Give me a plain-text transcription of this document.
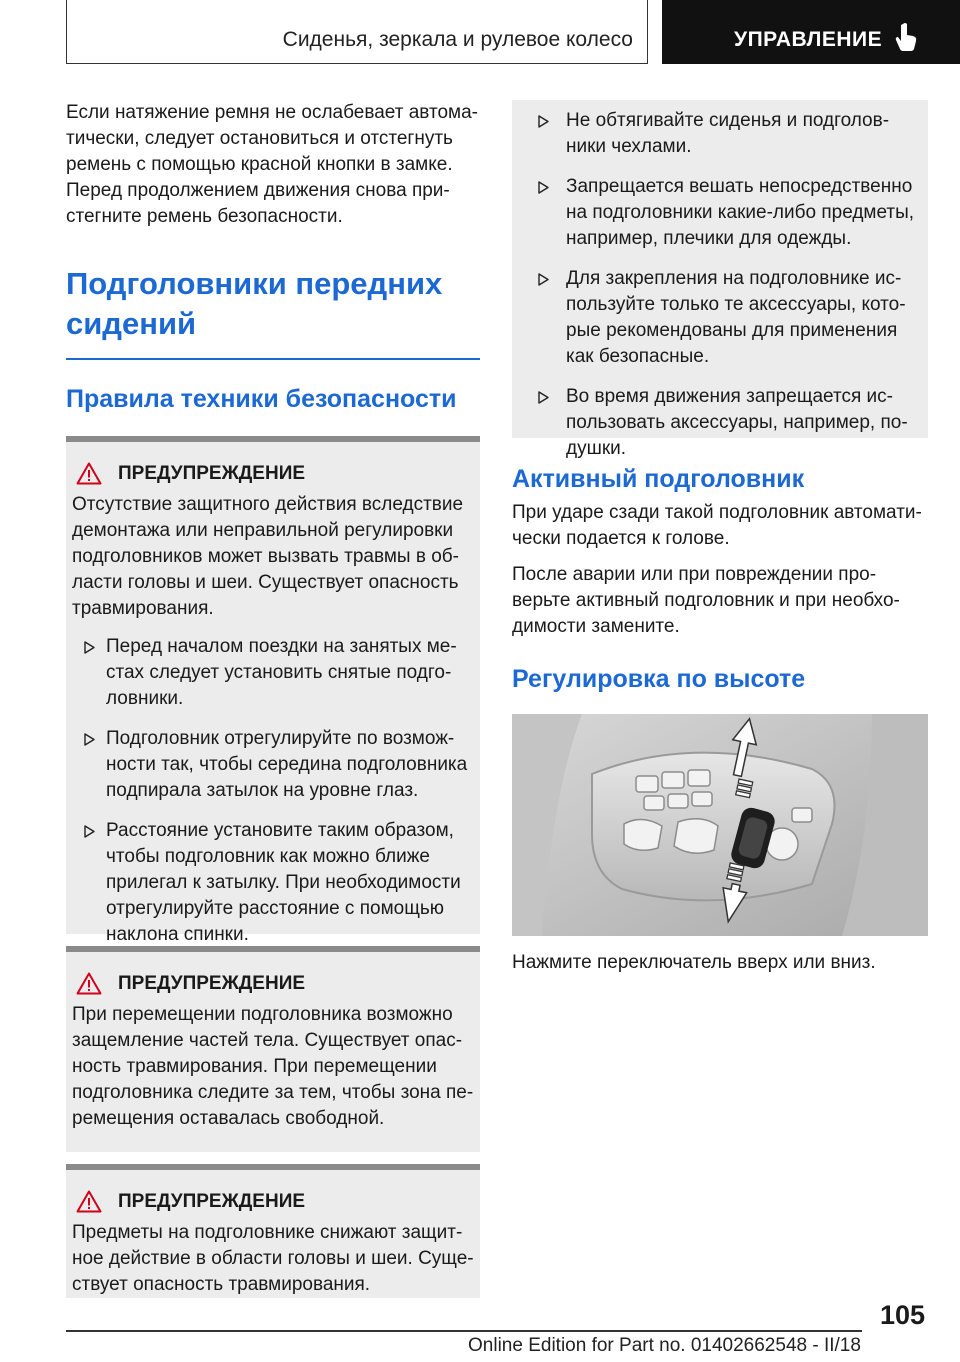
Сиденья, зеркала и рулевое колесо	УПРАВЛЕНИЕ

Если натяжение ремня не ослабевает автоматически, следует остановиться и отстегнуть ремень с помощью красной кнопки в замке. Перед продолжением движения снова пристегните ремень безопасности.

Подголовники передних сидений
Правила техники безопасности
ПРЕДУПРЕЖДЕНИЕ

Отсутствие защитного действия вследствие демонтажа или неправильной регулировки подголовников может вызвать травмы в области головы и шеи. Существует опасность травмирования.

Перед началом поездки на занятых местах следует установить снятые подголовники.
Подголовник отрегулируйте по возможности так, чтобы середина подголовника подпирала затылок на уровне глаз.
Расстояние установите таким образом, чтобы подголовник как можно ближе прилегал к затылку. При необходимости отрегулируйте расстояние с помощью наклона спинки.
ПРЕДУПРЕЖДЕНИЕ

При перемещении подголовника возможно защемление частей тела. Существует опасность травмирования. При перемещении подголовника следите за тем, чтобы зона перемещения оставалась свободной.

ПРЕДУПРЕЖДЕНИЕ

Предметы на подголовнике снижают защитное действие в области головы и шеи. Существует опасность травмирования.

Не обтягивайте сиденья и подголовники чехлами.
Запрещается вешать непосредственно на подголовники какие-либо предметы, например, плечики для одежды.
Для закрепления на подголовнике используйте только те аксессуары, которые рекомендованы для применения как безопасные.
Во время движения запрещается использовать аксессуары, например, подушки.
Активный подголовник

При ударе сзади такой подголовник автоматически подается к голове.

После аварии или при повреждении проверьте активный подголовник и при необходимости замените.

Регулировка по высоте

Нажмите переключатель вверх или вниз.

105
Online Edition for Part no. 01402662548 - II/18
